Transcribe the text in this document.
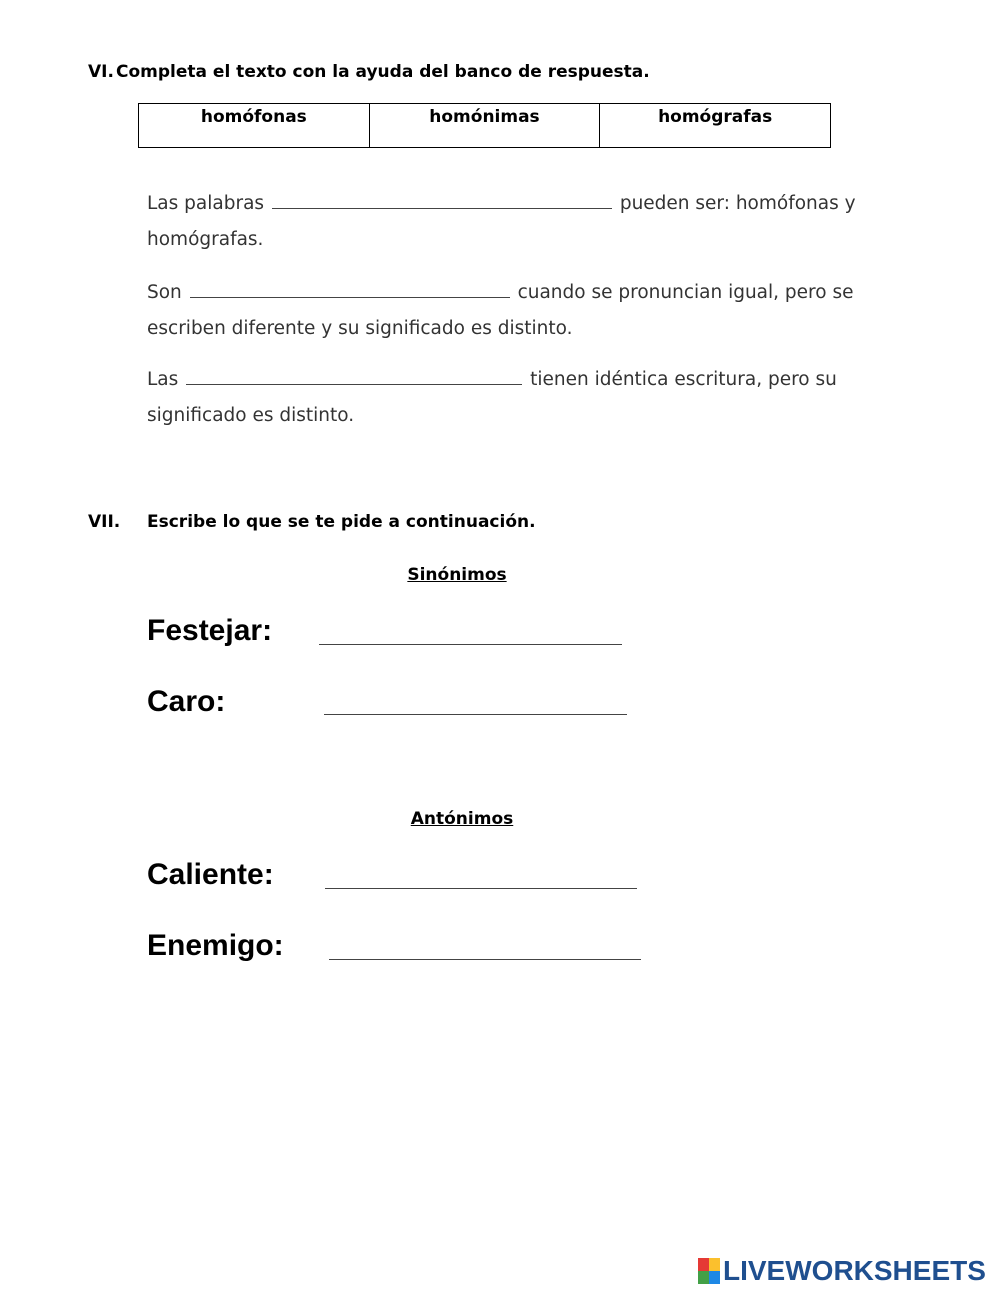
VI. Completa el texto con la ayuda del banco de respuesta.
homófonas	homónimas	homógrafas
Las palabras	pueden ser: homófonas y homógrafas.
Son	cuando se pronuncian igual, pero se escriben diferente y su significado es distinto.
Las	tienen idéntica escritura, pero su significado es distinto.
VII. Escribe lo que se te pide a continuación.
Sinónimos
Festejar:
Caro:
Antónimos
Caliente:
Enemigo:
LIVEWORKSHEETS
